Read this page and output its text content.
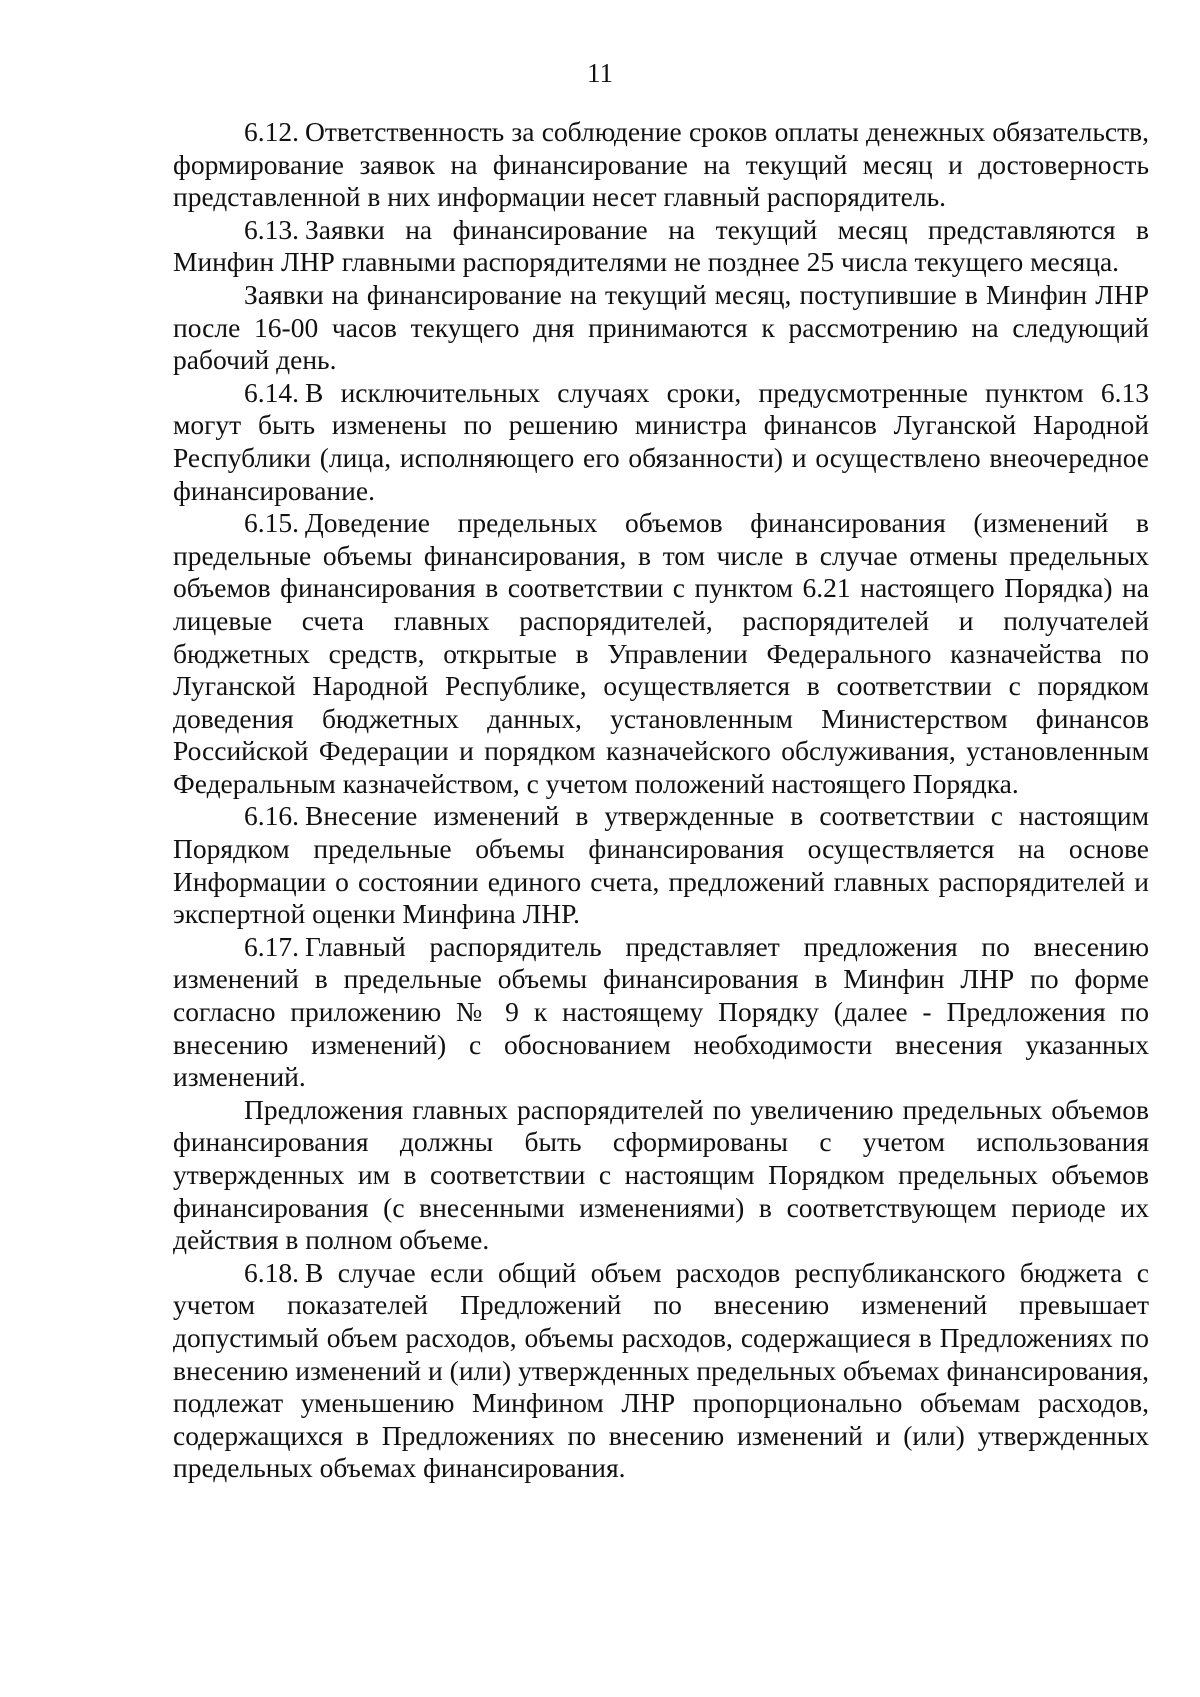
11

6.12. Ответственность за соблюдение сроков оплаты денежных обязательств, формирование заявок на финансирование на текущий месяц и достоверность представленной в них информации несет главный распорядитель.

6.13. Заявки на финансирование на текущий месяц представляются в Минфин ЛНР главными распорядителями не позднее 25 числа текущего месяца.

Заявки на финансирование на текущий месяц, поступившие в Минфин ЛНР после 16-00 часов текущего дня принимаются к рассмотрению на следующий рабочий день.

6.14. В исключительных случаях сроки, предусмотренные пунктом 6.13 могут быть изменены по решению министра финансов Луганской Народной Республики (лица, исполняющего его обязанности) и осуществлено внеочередное финансирование.

6.15. Доведение предельных объемов финансирования (изменений в предельные объемы финансирования, в том числе в случае отмены предельных объемов финансирования в соответствии с пунктом 6.21 настоящего Порядка) на лицевые счета главных распорядителей, распорядителей и получателей бюджетных средств, открытые в Управлении Федерального казначейства по Луганской Народной Республике, осуществляется в соответствии с порядком доведения бюджетных данных, установленным Министерством финансов Российской Федерации и порядком казначейского обслуживания, установленным Федеральным казначейством, с учетом положений настоящего Порядка.

6.16. Внесение изменений в утвержденные в соответствии с настоящим Порядком предельные объемы финансирования осуществляется на основе Информации о состоянии единого счета, предложений главных распорядителей и экспертной оценки Минфина ЛНР.

6.17. Главный распорядитель представляет предложения по внесению изменений в предельные объемы финансирования в Минфин ЛНР по форме согласно приложению № 9 к настоящему Порядку (далее - Предложения по внесению изменений) с обоснованием необходимости внесения указанных изменений.

Предложения главных распорядителей по увеличению предельных объемов финансирования должны быть сформированы с учетом использования утвержденных им в соответствии с настоящим Порядком предельных объемов финансирования (с внесенными изменениями) в соответствующем периоде их действия в полном объеме.

6.18. В случае если общий объем расходов республиканского бюджета с учетом показателей Предложений по внесению изменений превышает допустимый объем расходов, объемы расходов, содержащиеся в Предложениях по внесению изменений и (или) утвержденных предельных объемах финансирования, подлежат уменьшению Минфином ЛНР пропорционально объемам расходов, содержащихся в Предложениях по внесению изменений и (или) утвержденных предельных объемах финансирования.
